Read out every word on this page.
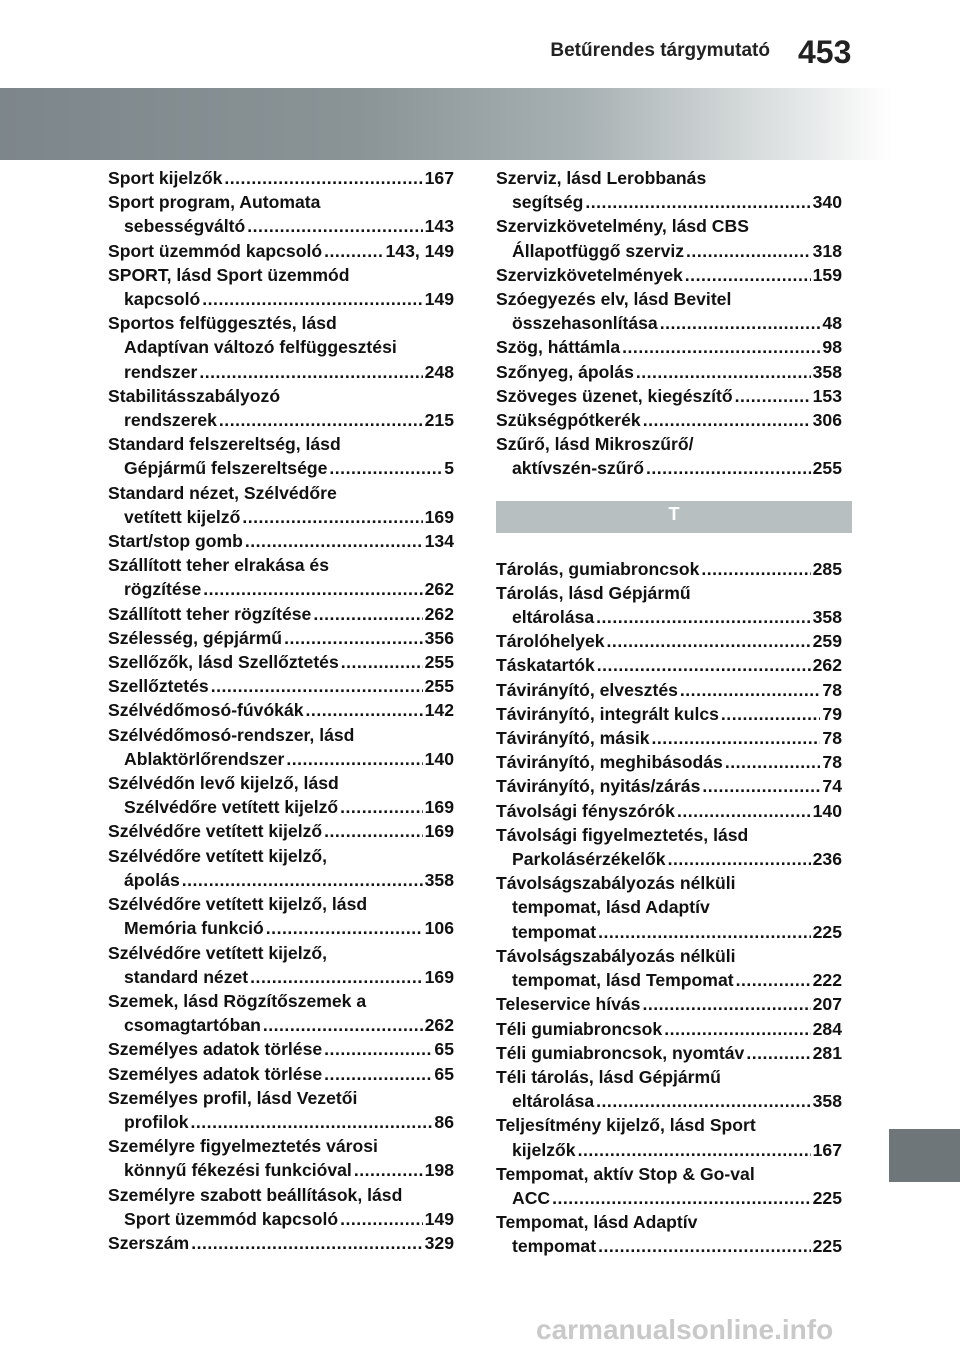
Betűrendes tárgymutató 453
Sport kijelzők .....	167
Sport program, Automata
sebességváltó .....	143
Sport üzemmód kapcsoló .....	143, 149
SPORT, lásd Sport üzemmód
kapcsoló .....	149
Sportos felfüggesztés, lásd
Adaptívan változó felfüggesztési
rendszer .....	248
Stabilitásszabályozó
rendszerek .....	215
Standard felszereltség, lásd
Gépjármű felszereltsége .....	5
Standard nézet, Szélvédőre
vetített kijelző .....	169
Start/stop gomb .....	134
Szállított teher elrakása és
rögzítése .....	262
Szállított teher rögzítése .....	262
Szélesség, gépjármű .....	356
Szellőzők, lásd Szellőztetés .....	255
Szellőztetés .....	255
Szélvédőmosó-fúvókák .....	142
Szélvédőmosó-rendszer, lásd
Ablaktörlőrendszer .....	140
Szélvédőn levő kijelző, lásd
Szélvédőre vetített kijelző .....	169
Szélvédőre vetített kijelző .....	169
Szélvédőre vetített kijelző,
ápolás .....	358
Szélvédőre vetített kijelző, lásd
Memória funkció .....	106
Szélvédőre vetített kijelző,
standard nézet .....	169
Szemek, lásd Rögzítőszemek a
csomagtartóban .....	262
Személyes adatok törlése .....	65
Személyes adatok törlése .....	65
Személyes profil, lásd Vezetői
profilok .....	86
Személyre figyelmeztetés városi
könnyű fékezési funkcióval .....	198
Személyre szabott beállítások, lásd
Sport üzemmód kapcsoló .....	149
Szerszám .....	329
Szerviz, lásd Lerobbanás
segítség .....	340
Szervizkövetelmény, lásd CBS
Állapotfüggő szerviz .....	318
Szervizkövetelmények .....	159
Szóegyezés elv, lásd Bevitel
összehasonlítása .....	48
Szög, háttámla .....	98
Szőnyeg, ápolás .....	358
Szöveges üzenet, kiegészítő .....	153
Szükségpótkerék .....	306
Szűrő, lásd Mikroszűrő/
aktívszén-szűrő .....	255
T
Tárolás, gumiabroncsok .....	285
Tárolás, lásd Gépjármű
eltárolása .....	358
Tárolóhelyek .....	259
Táskatartók .....	262
Távirányító, elvesztés .....	78
Távirányító, integrált kulcs .....	79
Távirányító, másik .....	78
Távirányító, meghibásodás .....	78
Távirányító, nyitás/zárás .....	74
Távolsági fényszórók .....	140
Távolsági figyelmeztetés, lásd
Parkolásérzékelők .....	236
Távolságszabályozás nélküli
tempomat, lásd Adaptív
tempomat .....	225
Távolságszabályozás nélküli
tempomat, lásd Tempomat .....	222
Teleservice hívás .....	207
Téli gumiabroncsok .....	284
Téli gumiabroncsok, nyomtáv .....	281
Téli tárolás, lásd Gépjármű
eltárolása .....	358
Teljesítmény kijelző, lásd Sport
kijelzők .....	167
Tempomat, aktív Stop & Go-val
ACC .....	225
Tempomat, lásd Adaptív
tempomat .....	225
carmanualsonline.info
